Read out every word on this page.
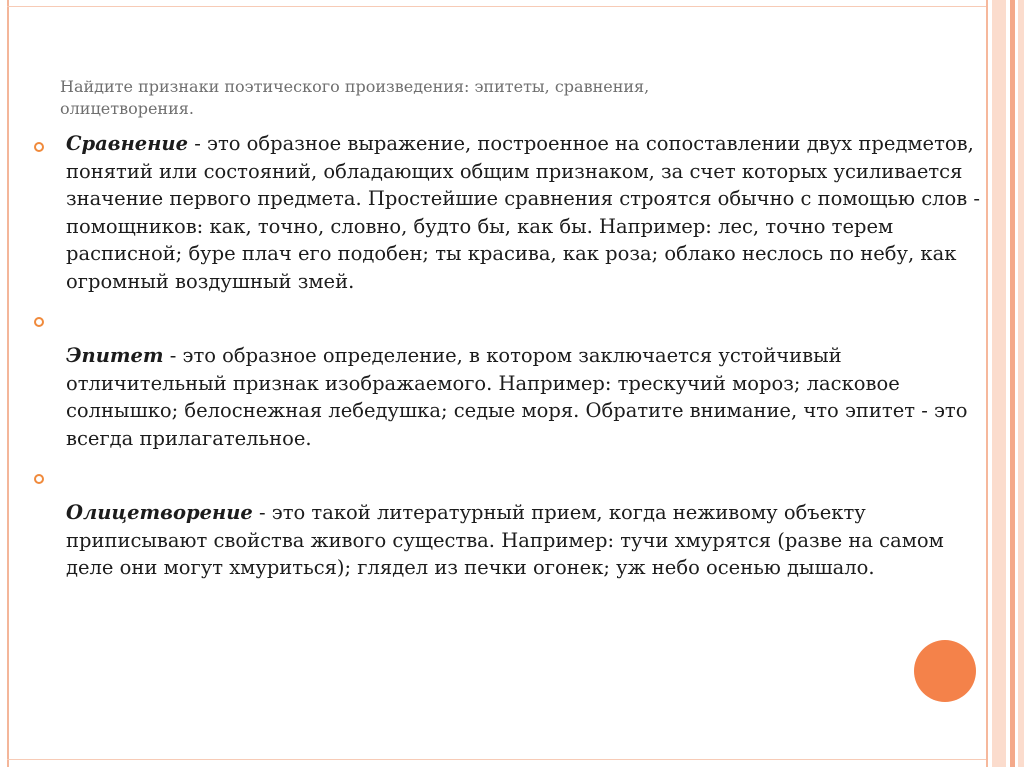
Найдите признаки поэтического произведения: эпитеты, сравнения, олицетворения.
Сравнение - это образное выражение, построенное на сопоставлении двух предметов, понятий или состояний, обладающих общим признаком, за счет которых усиливается значение первого предмета. Простейшие сравнения строятся обычно с помощью слов - помощников: как, точно, словно, будто бы, как бы. Например: лес, точно терем расписной; буре плач его подобен; ты красива, как роза; облако неслось по небу, как огромный воздушный змей.
Эпитет - это образное определение, в котором заключается устойчивый отличительный признак изображаемого. Например: трескучий мороз; ласковое солнышко; белоснежная лебедушка; седые моря. Обратите внимание, что эпитет - это всегда прилагательное.
Олицетворение - это такой литературный прием, когда неживому объекту приписывают свойства живого существа. Например: тучи хмурятся (разве на самом деле они могут хмуриться); глядел из печки огонек; уж небо осенью дышало.
